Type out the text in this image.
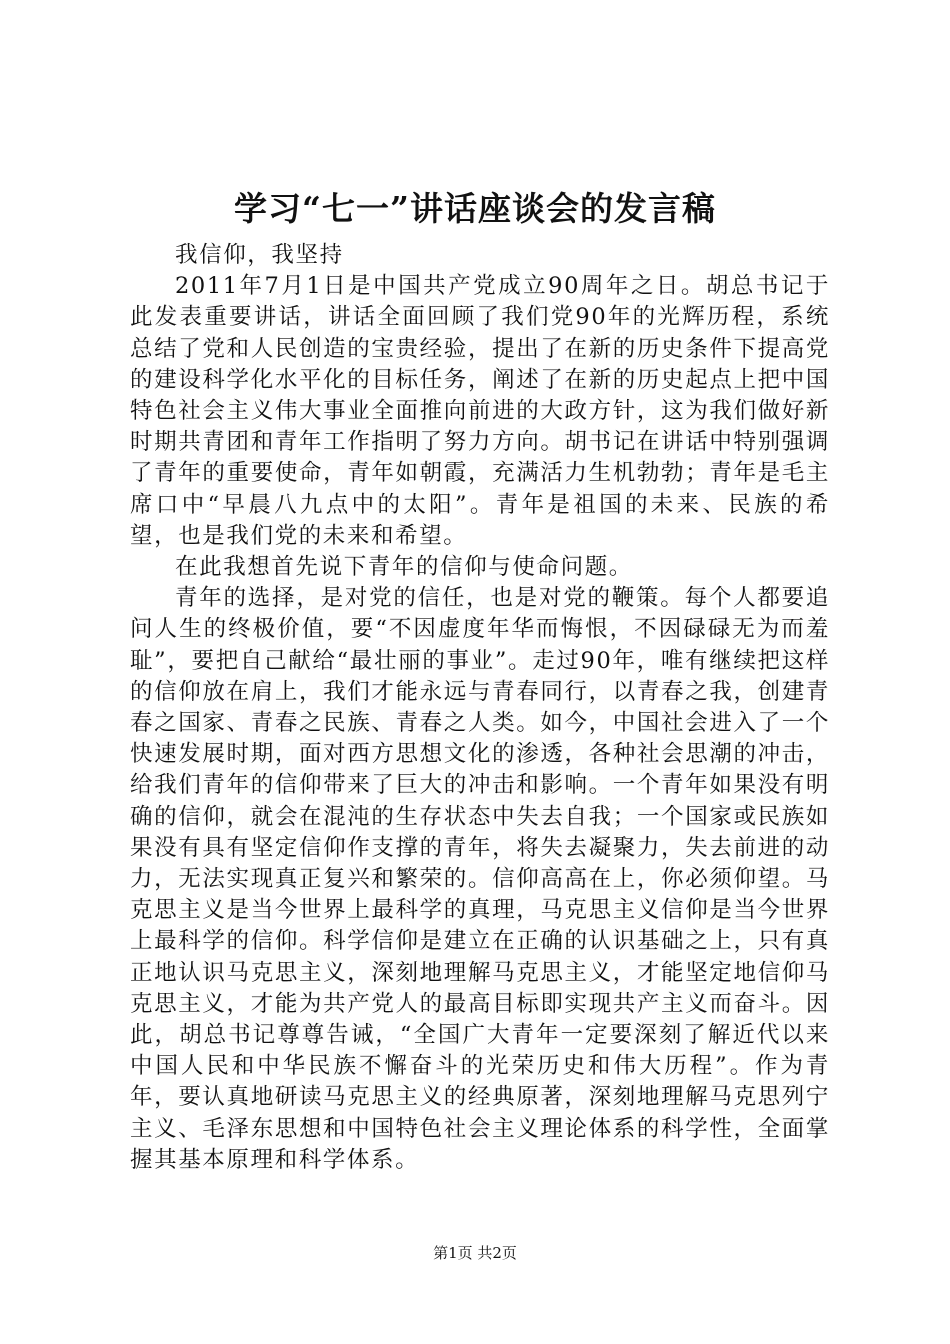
学习“七一”讲话座谈会的发言稿

我信仰，我坚持

2011年7月1日是中国共产党成立90周年之日。胡总书记于此发表重要讲话，讲话全面回顾了我们党90年的光辉历程，系统总结了党和人民创造的宝贵经验，提出了在新的历史条件下提高党的建设科学化水平化的目标任务，阐述了在新的历史起点上把中国特色社会主义伟大事业全面推向前进的大政方针，这为我们做好新时期共青团和青年工作指明了努力方向。胡书记在讲话中特别强调了青年的重要使命，青年如朝霞，充满活力生机勃勃；青年是毛主席口中“早晨八九点中的太阳”。青年是祖国的未来、民族的希望，也是我们党的未来和希望。

在此我想首先说下青年的信仰与使命问题。

青年的选择，是对党的信任，也是对党的鞭策。每个人都要追问人生的终极价值，要“不因虚度年华而悔恨，不因碌碌无为而羞耻”，要把自己献给“最壮丽的事业”。走过90年，唯有继续把这样的信仰放在肩上，我们才能永远与青春同行，以青春之我，创建青春之国家、青春之民族、青春之人类。如今，中国社会进入了一个快速发展时期，面对西方思想文化的渗透，各种社会思潮的冲击，给我们青年的信仰带来了巨大的冲击和影响。一个青年如果没有明确的信仰，就会在混沌的生存状态中失去自我；一个国家或民族如果没有具有坚定信仰作支撑的青年，将失去凝聚力，失去前进的动力，无法实现真正复兴和繁荣的。信仰高高在上，你必须仰望。马克思主义是当今世界上最科学的真理，马克思主义信仰是当今世界上最科学的信仰。科学信仰是建立在正确的认识基础之上，只有真正地认识马克思主义，深刻地理解马克思主义，才能坚定地信仰马克思主义，才能为共产党人的最高目标即实现共产主义而奋斗。因此，胡总书记尊尊告诫，“全国广大青年一定要深刻了解近代以来中国人民和中华民族不懈奋斗的光荣历史和伟大历程”。作为青年，要认真地研读马克思主义的经典原著，深刻地理解马克思列宁主义、毛泽东思想和中国特色社会主义理论体系的科学性，全面掌握其基本原理和科学体系。

第1页 共2页
